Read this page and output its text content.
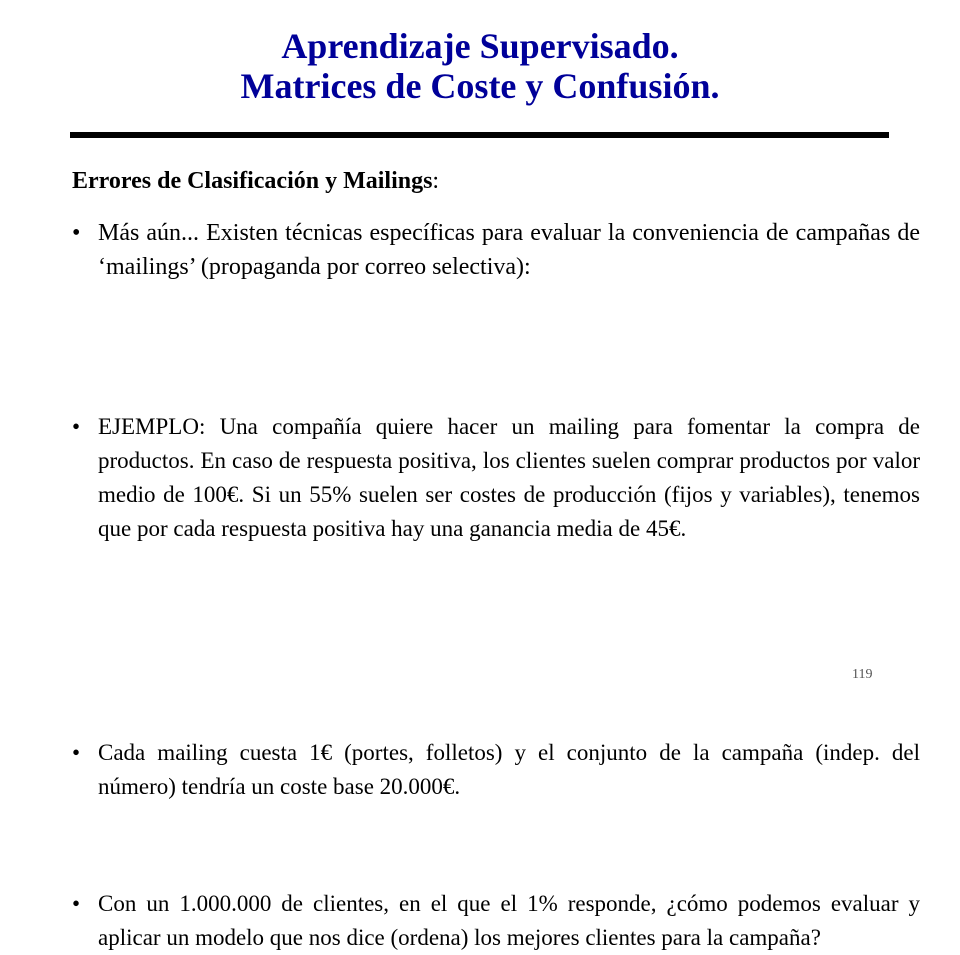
Aprendizaje Supervisado.
Matrices de Coste y Confusión.
Errores de Clasificación y Mailings:
• Más aún... Existen técnicas específicas para evaluar la conveniencia de campañas de ‘mailings’ (propaganda por correo selectiva):
• EJEMPLO: Una compañía quiere hacer un mailing para fomentar la compra de productos. En caso de respuesta positiva, los clientes suelen comprar productos por valor medio de 100€. Si un 55% suelen ser costes de producción (fijos y variables), tenemos que por cada respuesta positiva hay una ganancia media de 45€.
• Cada mailing cuesta 1€ (portes, folletos) y el conjunto de la campaña (indep. del número) tendría un coste base 20.000€.
• Con un 1.000.000 de clientes, en el que el 1% responde, ¿cómo podemos evaluar y aplicar un modelo que nos dice (ordena) los mejores clientes para la campaña?
119
